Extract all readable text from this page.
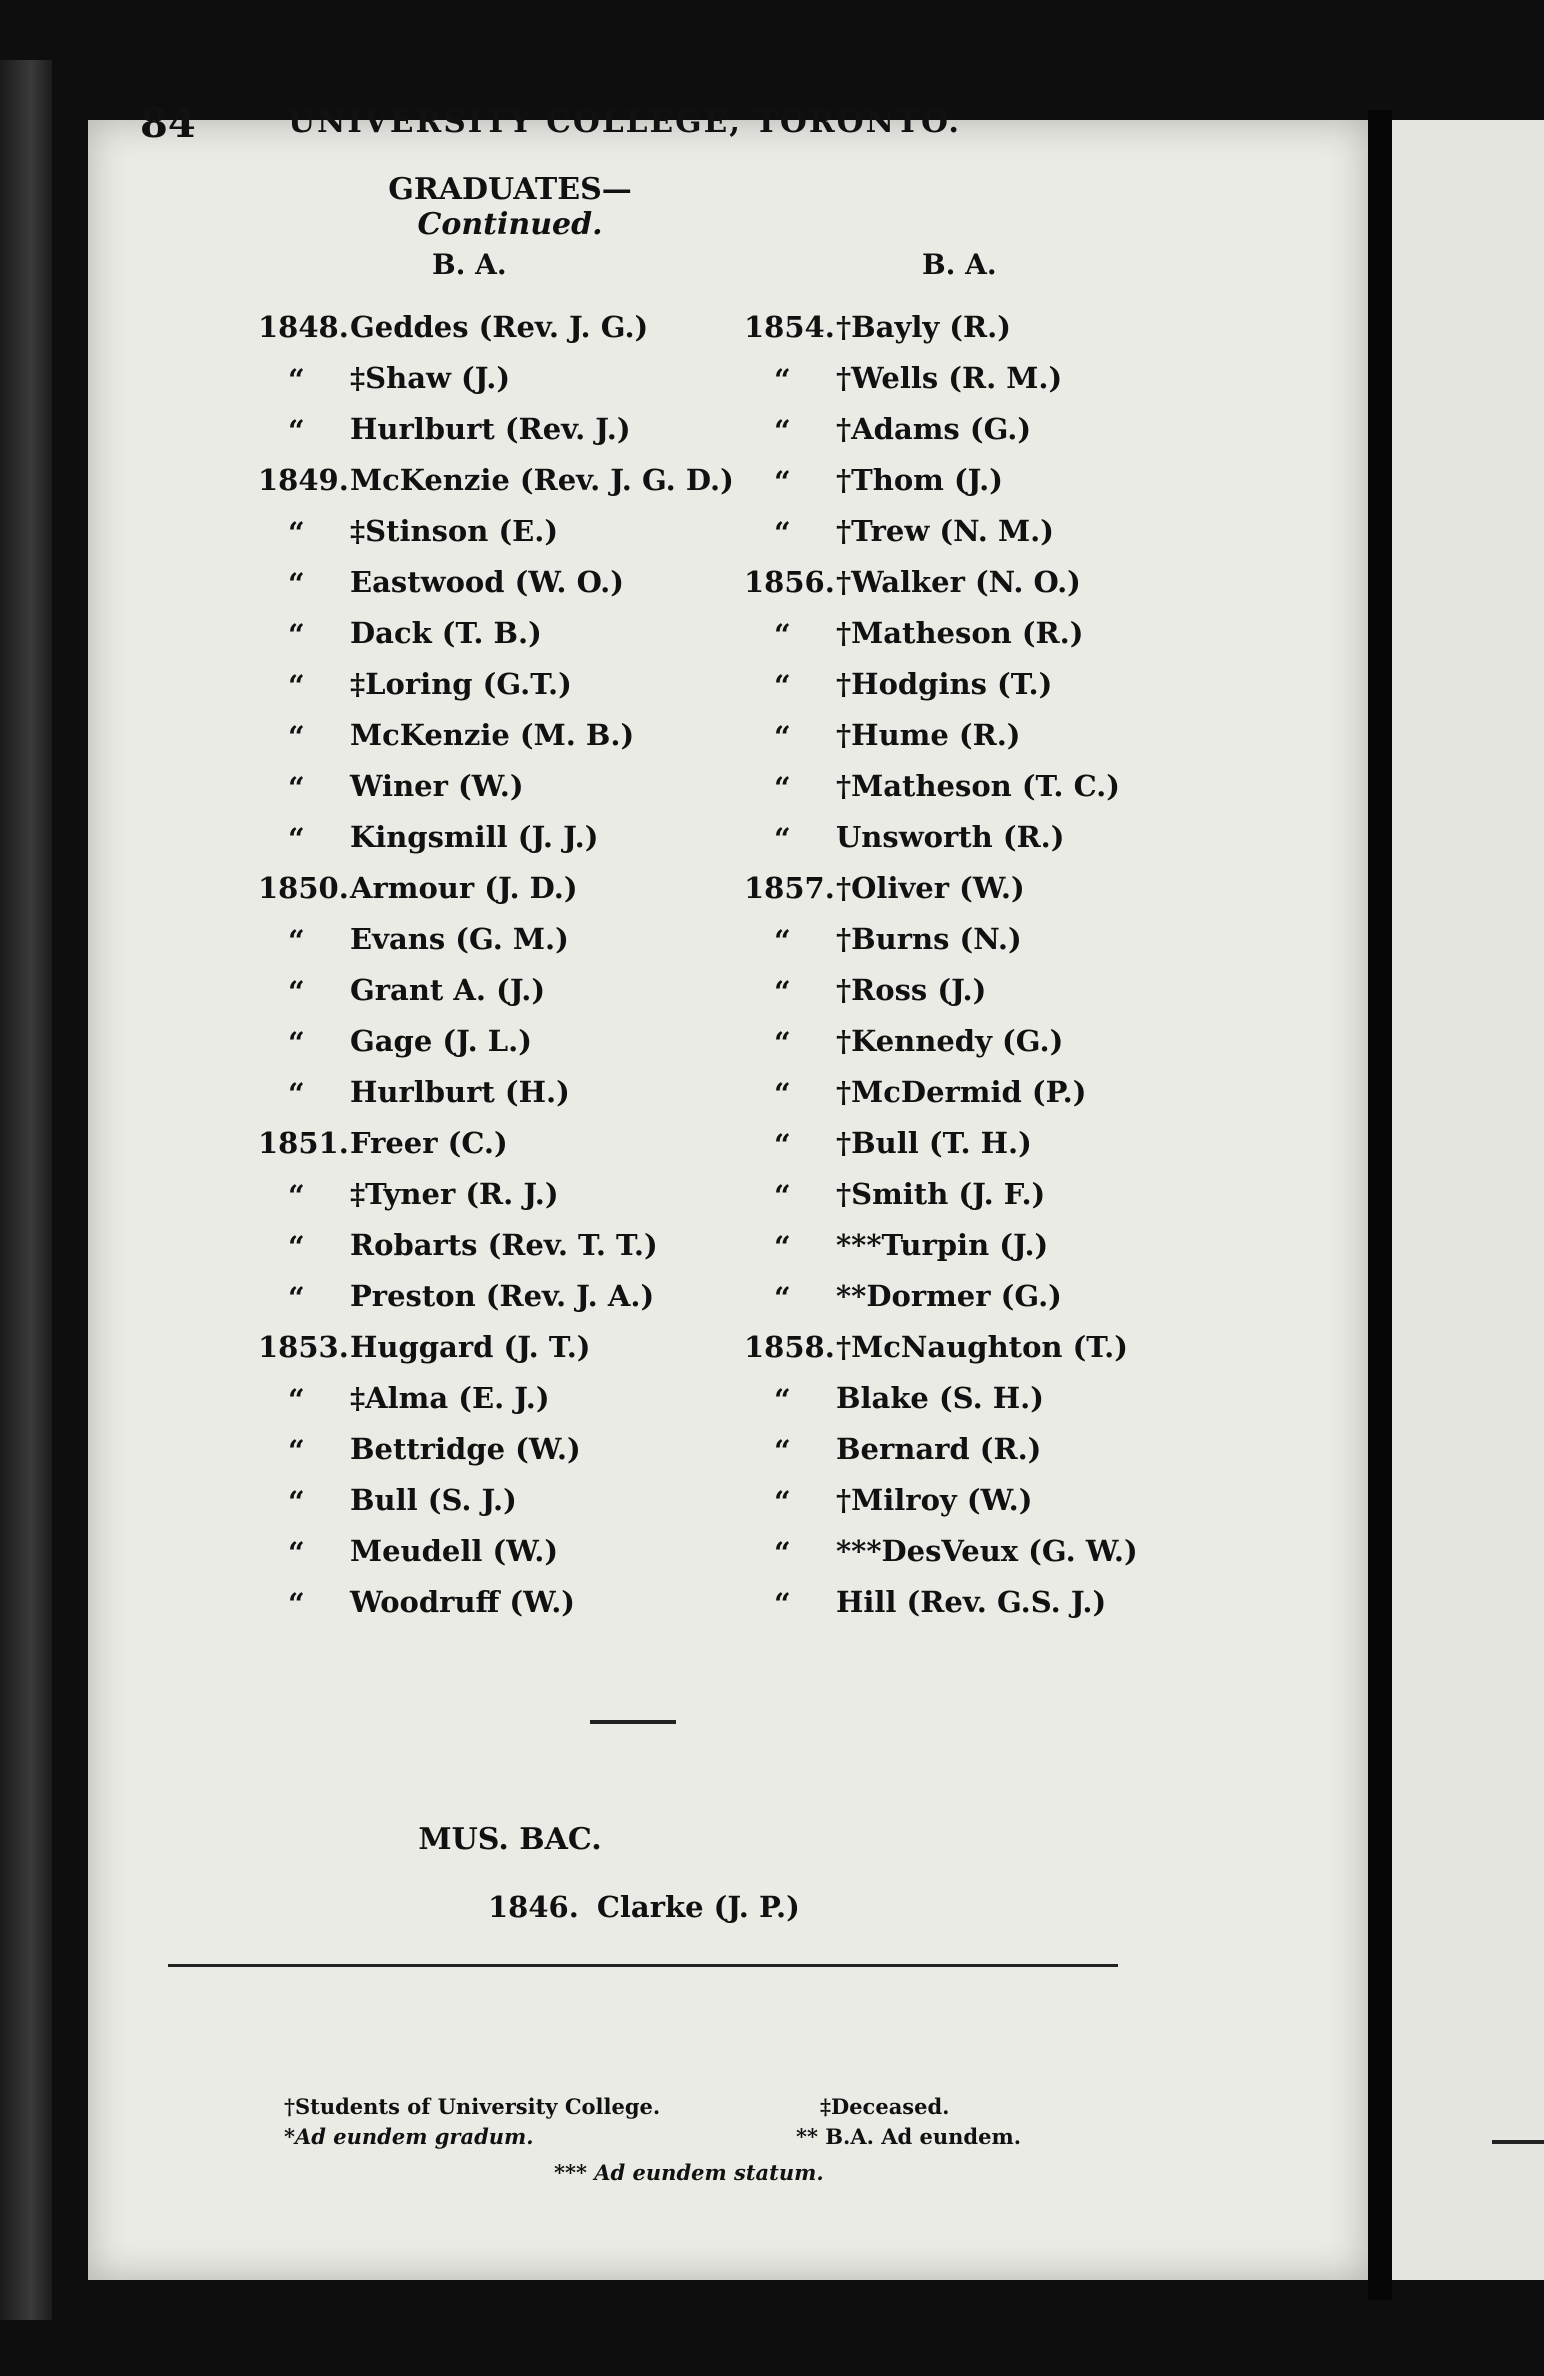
84	UNIVERSITY COLLEGE, TORONTO.
GRADUATES—Continued.
B. A.	B. A.
1848. Geddes (Rev. J. G.)
“ ‡Shaw (J.)
“ Hurlburt (Rev. J.)
1849. McKenzie (Rev. J. G. D.)
“ ‡Stinson (E.)
“ Eastwood (W. O.)
“ Dack (T. B.)
“ ‡Loring (G.T.)
“ McKenzie (M. B.)
“ Winer (W.)
“ Kingsmill (J. J.)
1850. Armour (J. D.)
“ Evans (G. M.)
“ Grant A. (J.)
“ Gage (J. L.)
“ Hurlburt (H.)
1851. Freer (C.)
“ ‡Tyner (R. J.)
“ Robarts (Rev. T. T.)
“ Preston (Rev. J. A.)
1853. Huggard (J. T.)
“ ‡Alma (E. J.)
“ Bettridge (W.)
“ Bull (S. J.)
“ Meudell (W.)
“ Woodruff (W.)
1854. †Bayly (R.)
“ †Wells (R. M.)
“ †Adams (G.)
“ †Thom (J.)
“ †Trew (N. M.)
1856. †Walker (N. O.)
“ †Matheson (R.)
“ †Hodgins (T.)
“ †Hume (R.)
“ †Matheson (T. C.)
“ Unsworth (R.)
1857. †Oliver (W.)
“ †Burns (N.)
“ †Ross (J.)
“ †Kennedy (G.)
“ †McDermid (P.)
“ †Bull (T. H.)
“ †Smith (J. F.)
“ ***Turpin (J.)
“ **Dormer (G.)
1858. †McNaughton (T.)
“ Blake (S. H.)
“ Bernard (R.)
“ †Milroy (W.)
“ ***DesVeux (G. W.)
“ Hill (Rev. G.S. J.)
MUS. BAC.
1846. Clarke (J. P.)
†Students of University College.
*Ad eundem gradum.
‡Deceased.
** B.A. Ad eundem.
*** Ad eundem statum.
